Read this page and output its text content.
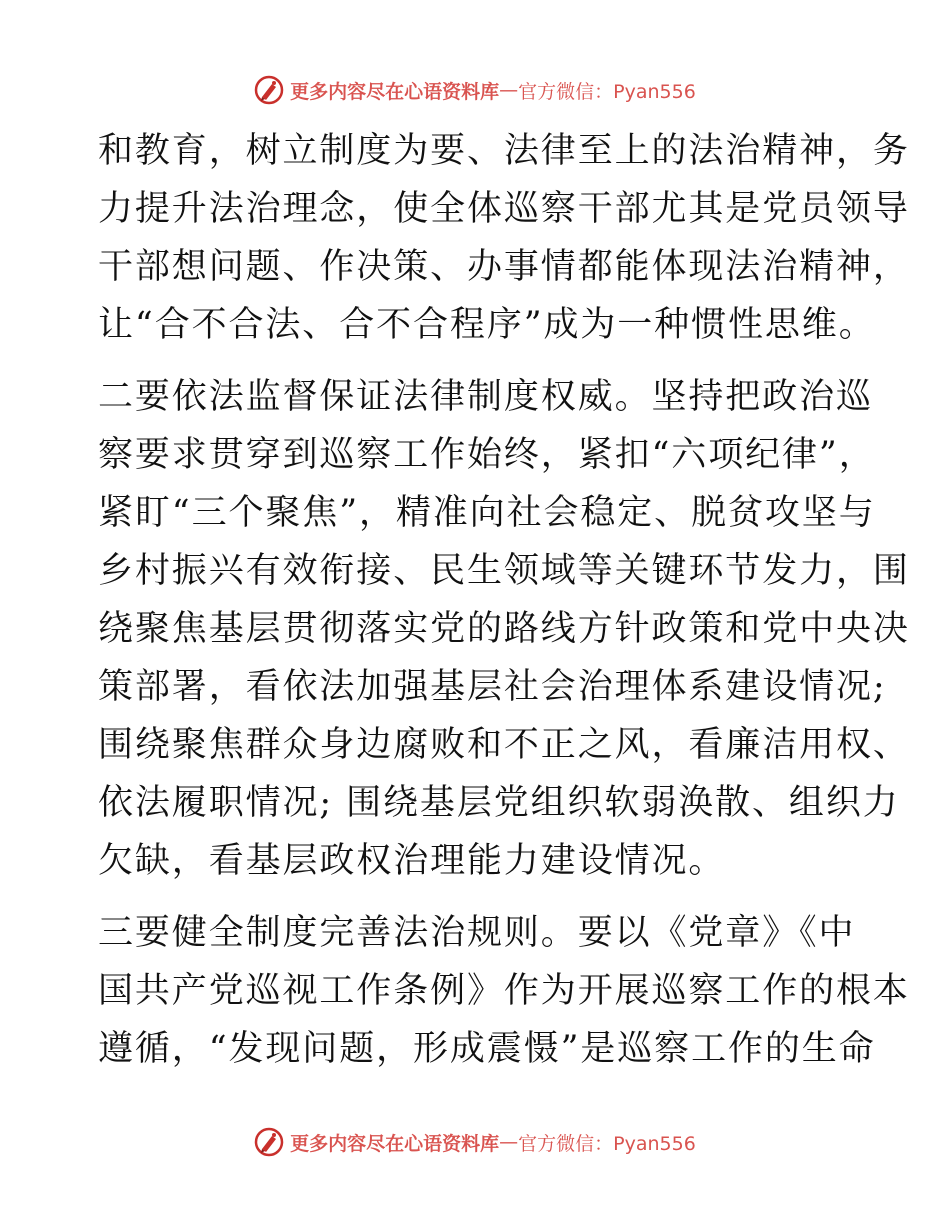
更多内容尽在心语资料库 — 官方微信：Pyan556

和教育，树立制度为要、法律至上的法治精神，务
力提升法治理念，使全体巡察干部尤其是党员领导
干部想问题、作决策、办事情都能体现法治精神，
让“合不合法、合不合程序”成为一种惯性思维。

二要依法监督保证法律制度权威。坚持把政治巡
察要求贯穿到巡察工作始终，紧扣“六项纪律”，
紧盯“三个聚焦”，精准向社会稳定、脱贫攻坚与
乡村振兴有效衔接、民生领域等关键环节发力，围
绕聚焦基层贯彻落实党的路线方针政策和党中央决
策部署，看依法加强基层社会治理体系建设情况;
围绕聚焦群众身边腐败和不正之风，看廉洁用权、
依法履职情况; 围绕基层党组织软弱涣散、组织力
欠缺，看基层政权治理能力建设情况。

三要健全制度完善法治规则。要以《党章》《中
国共产党巡视工作条例》作为开展巡察工作的根本
遵循，“发现问题，形成震慑”是巡察工作的生命

更多内容尽在心语资料库 — 官方微信：Pyan556
